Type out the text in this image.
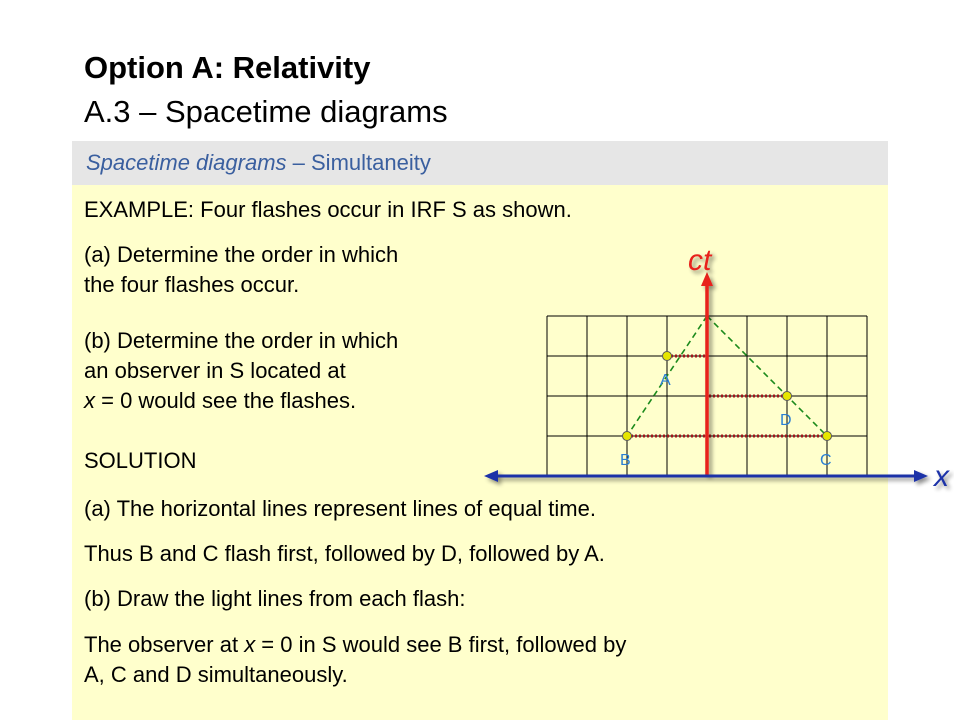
Option A: Relativity
A.3 – Spacetime diagrams
Spacetime diagrams – Simultaneity
EXAMPLE: Four flashes occur in IRF S as shown.
(a) Determine the order in which
the four flashes occur.
(b) Determine the order in which
an observer in S located at
x = 0 would see the flashes.
SOLUTION
(a) The horizontal lines represent lines of equal time.
Thus B and C flash first, followed by D, followed by A.
(b) Draw the light lines from each flash:
The observer at x = 0 in S would see B first, followed by
A, C and D simultaneously.
A
B	C
D
ct
x
